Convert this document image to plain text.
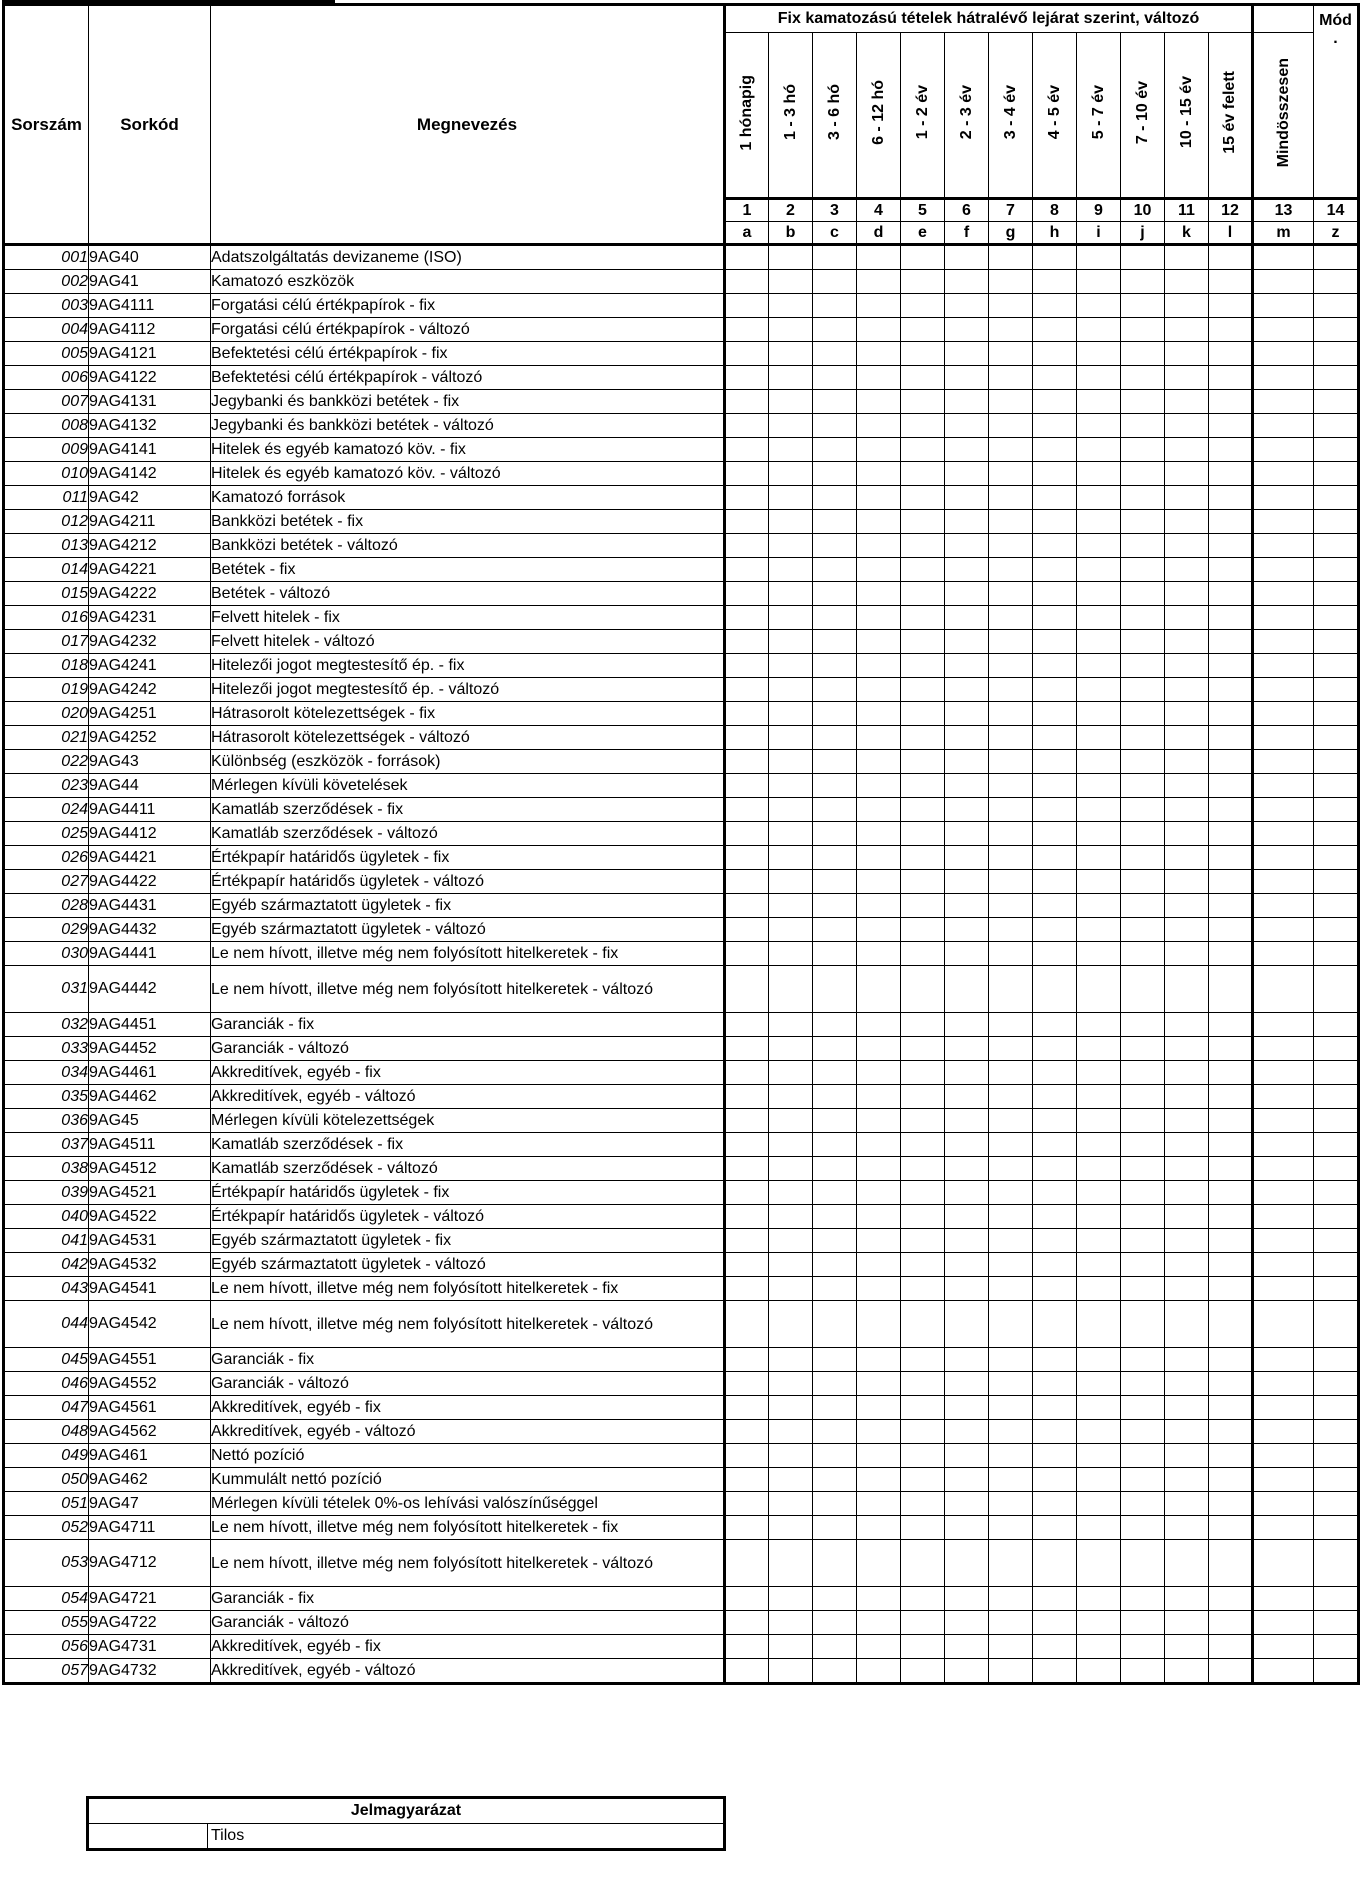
Sorszám	Sorkód	Megnevezés	Fix kamatozású tételek hátralévő lejárat szerint, változó													Mód
.

			1 hónapig	1 - 3 hó	3 - 6 hó	6 - 12 hó	1 - 2 év	2 - 3 év	3 - 4 év	4 - 5 év	5 - 7 év	7 - 10 év	10 - 15 év	15 év felett	Mindösszesen	
			1	2	3	4	5	6	7	8	9	10	11	12	13	14
			a	b	c	d	e	f	g	h	i	j	k	l	m	z
001	9AG40	Adatszolgáltatás devizaneme (ISO)														
002	9AG41	Kamatozó eszközök														
003	9AG4111	Forgatási célú értékpapírok - fix														
004	9AG4112	Forgatási célú értékpapírok - változó														
005	9AG4121	Befektetési célú értékpapírok - fix														
006	9AG4122	Befektetési célú értékpapírok - változó														
007	9AG4131	Jegybanki és bankközi betétek - fix														
008	9AG4132	Jegybanki és bankközi betétek - változó														
009	9AG4141	Hitelek és egyéb kamatozó köv. - fix														
010	9AG4142	Hitelek és egyéb kamatozó köv. - változó														
011	9AG42	Kamatozó források														
012	9AG4211	Bankközi betétek - fix														
013	9AG4212	Bankközi betétek - változó														
014	9AG4221	Betétek - fix														
015	9AG4222	Betétek - változó														
016	9AG4231	Felvett hitelek - fix														
017	9AG4232	Felvett hitelek - változó														
018	9AG4241	Hitelezői jogot megtestesítő ép. - fix														
019	9AG4242	Hitelezői jogot megtestesítő ép. - változó														
020	9AG4251	Hátrasorolt kötelezettségek - fix														
021	9AG4252	Hátrasorolt kötelezettségek - változó														
022	9AG43	Különbség (eszközök - források)														
023	9AG44	Mérlegen kívüli követelések														
024	9AG4411	Kamatláb szerződések - fix														
025	9AG4412	Kamatláb szerződések - változó														
026	9AG4421	Értékpapír határidős ügyletek - fix														
027	9AG4422	Értékpapír határidős ügyletek - változó														
028	9AG4431	Egyéb származtatott ügyletek - fix														
029	9AG4432	Egyéb származtatott ügyletek - változó														
030	9AG4441	Le nem hívott, illetve még nem folyósított hitelkeretek - fix														
031	9AG4442	Le nem hívott, illetve még nem folyósított hitelkeretek - változó														
032	9AG4451	Garanciák - fix														
033	9AG4452	Garanciák - változó														
034	9AG4461	Akkreditívek, egyéb - fix														
035	9AG4462	Akkreditívek, egyéb - változó														
036	9AG45	Mérlegen kívüli kötelezettségek														
037	9AG4511	Kamatláb szerződések - fix														
038	9AG4512	Kamatláb szerződések - változó														
039	9AG4521	Értékpapír határidős ügyletek - fix														
040	9AG4522	Értékpapír határidős ügyletek - változó														
041	9AG4531	Egyéb származtatott ügyletek - fix														
042	9AG4532	Egyéb származtatott ügyletek - változó														
043	9AG4541	Le nem hívott, illetve még nem folyósított hitelkeretek - fix														
044	9AG4542	Le nem hívott, illetve még nem folyósított hitelkeretek - változó														
045	9AG4551	Garanciák - fix														
046	9AG4552	Garanciák - változó														
047	9AG4561	Akkreditívek, egyéb - fix														
048	9AG4562	Akkreditívek, egyéb - változó														
049	9AG461	Nettó pozíció														
050	9AG462	Kummulált nettó pozíció														
051	9AG47	Mérlegen kívüli tételek 0%-os lehívási valószínűséggel														
052	9AG4711	Le nem hívott, illetve még nem folyósított hitelkeretek - fix														
053	9AG4712	Le nem hívott, illetve még nem folyósított hitelkeretek - változó														
054	9AG4721	Garanciák - fix														
055	9AG4722	Garanciák - változó														
056	9AG4731	Akkreditívek, egyéb - fix														
057	9AG4732	Akkreditívek, egyéb - változó														
Jelmagyarázat
	Tilos
